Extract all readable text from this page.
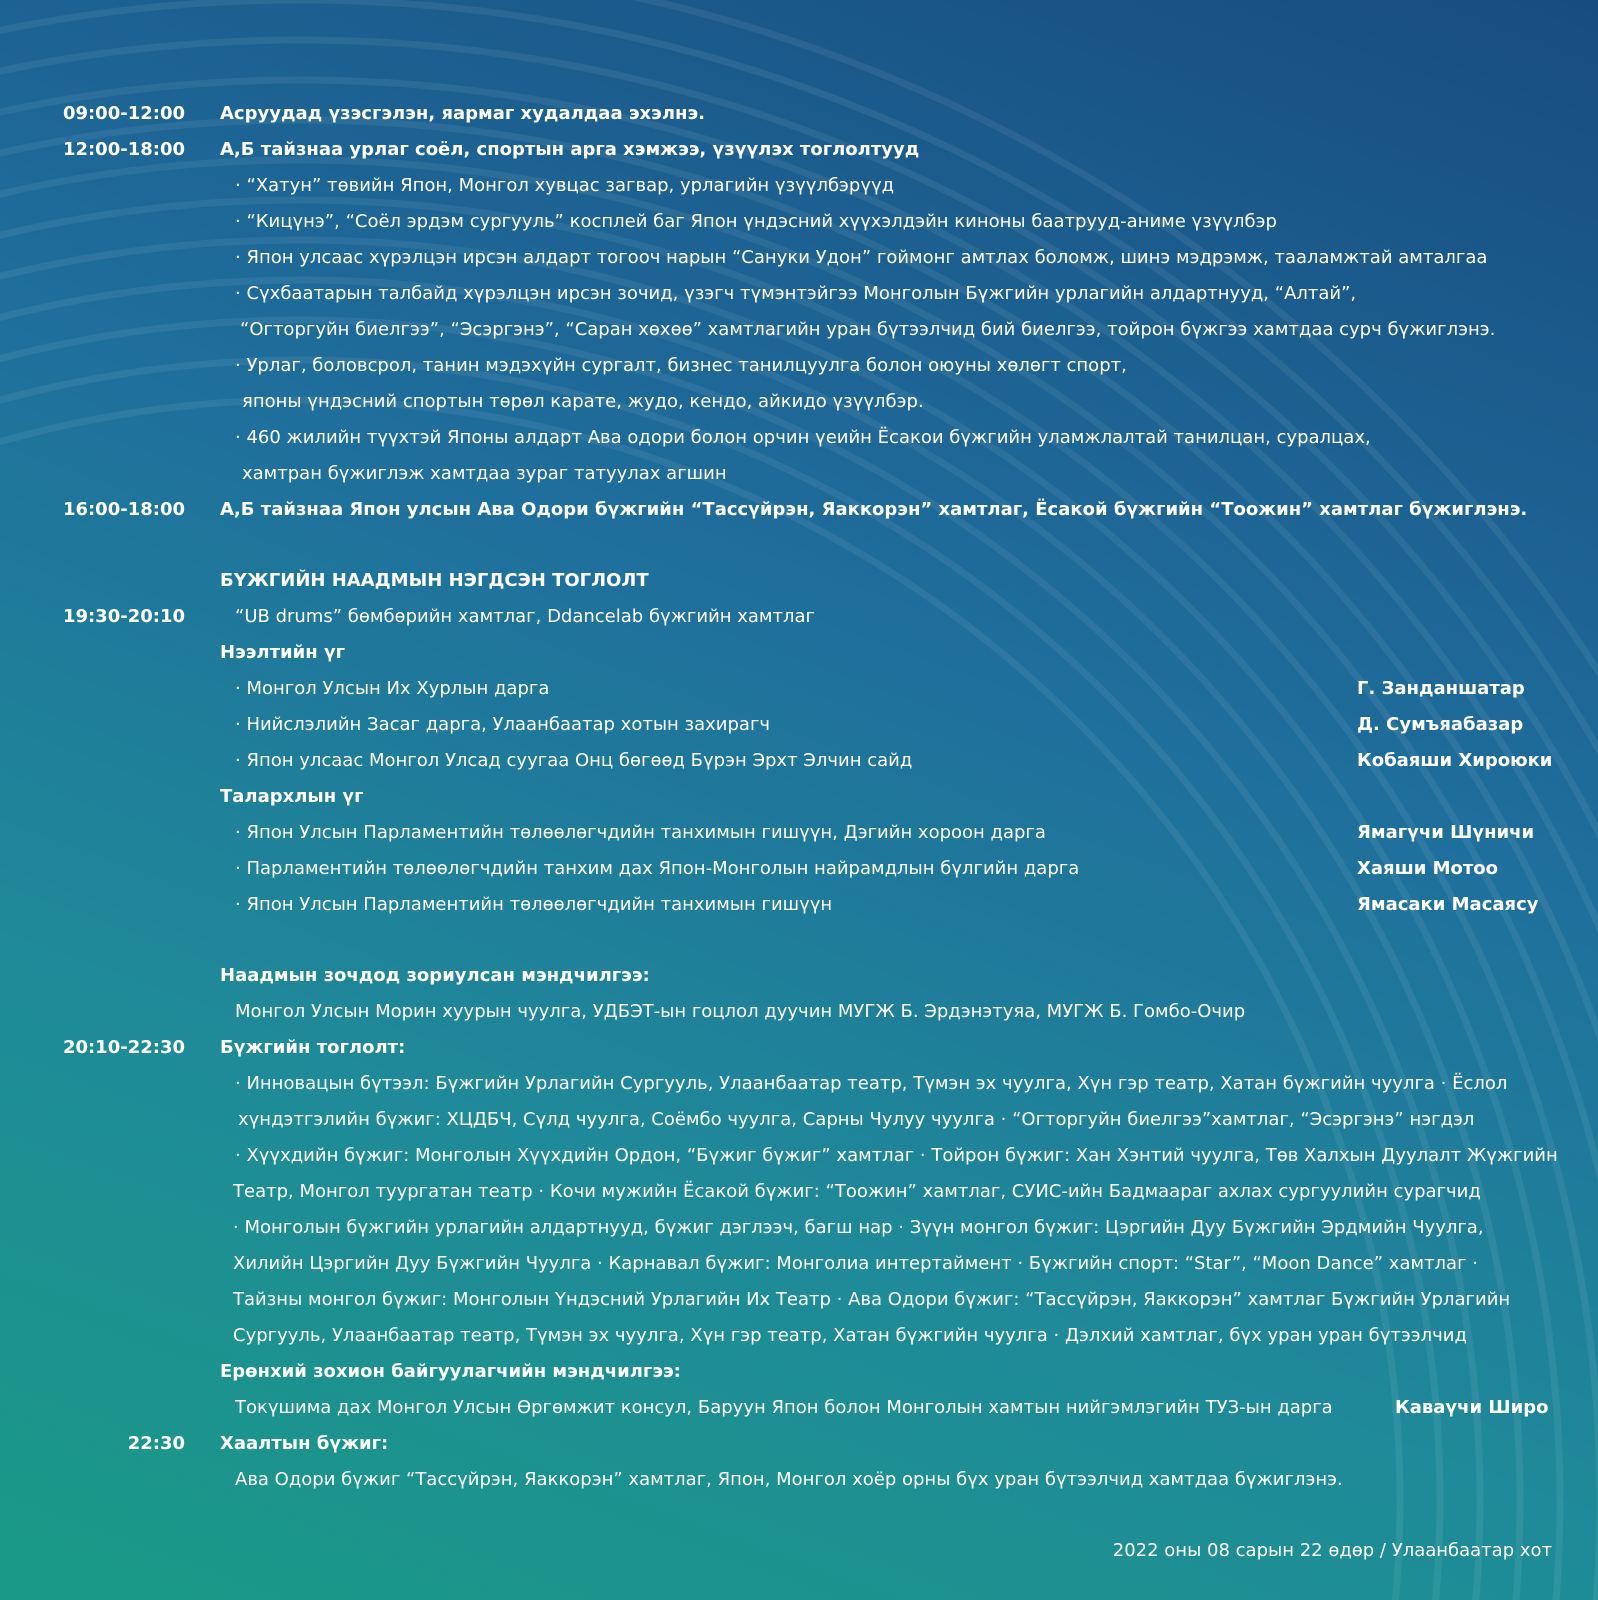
09:00-12:00 Асруудад үзэсгэлэн, яармаг худалдаа эхэлнэ.
12:00-18:00 А,Б тайзнаа урлаг соёл, спортын арга хэмжээ, үзүүлэх тоглолтууд
· “Хатун” төвийн Япон, Монгол хувцас загвар, урлагийн үзүүлбэрүүд
· “Кицүнэ”, “Соёл эрдэм сургууль” косплей баг Япон үндэсний хүүхэлдэйн киноны баатрууд-аниме үзүүлбэр
· Япон улсаас хүрэлцэн ирсэн алдарт тогооч нарын “Сануки Удон” гоймонг амтлах боломж, шинэ мэдрэмж, тааламжтай амталгаа
· Сүхбаатарын талбайд хүрэлцэн ирсэн зочид, үзэгч түмэнтэйгээ Монголын Бүжгийн урлагийн алдартнууд, “Алтай”,
“Огторгуйн биелгээ”, “Эсэргэнэ”, “Саран хөхөө” хамтлагийн уран бүтээлчид бий биелгээ, тойрон бүжгээ хамтдаа сурч бүжиглэнэ.
· Урлаг, боловсрол, танин мэдэхүйн сургалт, бизнес танилцуулга болон оюуны хөлөгт спорт,
японы үндэсний спортын төрөл карате, жудо, кендо, айкидо үзүүлбэр.
· 460 жилийн түүхтэй Японы алдарт Ава одори болон орчин үеийн Ёсакои бүжгийн уламжлалтай танилцан, суралцах,
хамтран бүжиглэж хамтдаа зураг татуулах агшин
16:00-18:00 А,Б тайзнаа Япон улсын Ава Одори бүжгийн “Тассүйрэн, Яаккорэн” хамтлаг, Ёсакой бүжгийн “Тоожин” хамтлаг бүжиглэнэ.
БҮЖГИЙН НААДМЫН НЭГДСЭН ТОГЛОЛТ
19:30-20:10	“UB drums” бөмбөрийн хамтлаг, Ddancelab бүжгийн хамтлаг
Нээлтийн үг
· Монгол Улсын Их Хурлын дарга	Г. Занданшатар
· Нийслэлийн Засаг дарга, Улаанбаатар хотын захирагч	Д. Сумъяабазар
· Япон улсаас Монгол Улсад суугаа Онц бөгөөд Бүрэн Эрхт Элчин сайд	Кобаяши Хироюки
Талархлын үг
· Япон Улсын Парламентийн төлөөлөгчдийн танхимын гишүүн, Дэгийн хороон дарга	Ямагүчи Шүничи
· Парламентийн төлөөлөгчдийн танхим дах Япон-Монголын найрамдлын бүлгийн дарга	Хаяши Мотоо
· Япон Улсын Парламентийн төлөөлөгчдийн танхимын гишүүн	Ямасаки Масаясу
Наадмын зочдод зориулсан мэндчилгээ:
Монгол Улсын Морин хуурын чуулга, УДБЭТ-ын гоцлол дуучин МУГЖ Б. Эрдэнэтуяа, МУГЖ Б. Гомбо-Очир
20:10-22:30 Бүжгийн тоглолт:
· Инновацын бүтээл: Бүжгийн Урлагийн Сургууль, Улаанбаатар театр, Түмэн эх чуулга, Хүн гэр театр, Хатан бүжгийн чуулга · Ёслол
хүндэтгэлийн бүжиг: ХЦДБЧ, Сүлд чуулга, Соёмбо чуулга, Сарны Чулуу чуулга · “Огторгуйн биелгээ”хамтлаг, “Эсэргэнэ” нэгдэл
· Хүүхдийн бүжиг: Монголын Хүүхдийн Ордон, “Бүжиг бүжиг” хамтлаг · Тойрон бүжиг: Хан Хэнтий чуулга, Төв Халхын Дуулалт Жүжгийн
Театр, Монгол туургатан театр · Кочи мужийн Ёсакой бүжиг: “Тоожин” хамтлаг, СУИС-ийн Бадмаараг ахлах сургуулийн сурагчид
· Монголын бүжгийн урлагийн алдартнууд, бүжиг дэглээч, багш нар · Зүүн монгол бүжиг: Цэргийн Дуу Бүжгийн Эрдмийн Чуулга,
Хилийн Цэргийн Дуу Бүжгийн Чуулга · Карнавал бүжиг: Монголиа интертаймент · Бүжгийн спорт: “Star”, “Moon Dance” хамтлаг ·
Тайзны монгол бүжиг: Монголын Үндэсний Урлагийн Их Театр · Ава Одори бүжиг: “Тассүйрэн, Яаккорэн” хамтлаг Бүжгийн Урлагийн
Сургууль, Улаанбаатар театр, Түмэн эх чуулга, Хүн гэр театр, Хатан бүжгийн чуулга · Дэлхий хамтлаг, бүх уран уран бүтээлчид
Ерөнхий зохион байгуулагчийн мэндчилгээ:
Токүшима дах Монгол Улсын Өргөмжит консул, Баруун Япон болон Монголын хамтын нийгэмлэгийн ТУЗ-ын дарга	Каваүчи Широ
22:30 Хаалтын бүжиг:
Ава Одори бүжиг “Тассүйрэн, Яаккорэн” хамтлаг, Япон, Монгол хоёр орны бүх уран бүтээлчид хамтдаа бүжиглэнэ.
2022 оны 08 сарын 22 өдөр / Улаанбаатар хот
